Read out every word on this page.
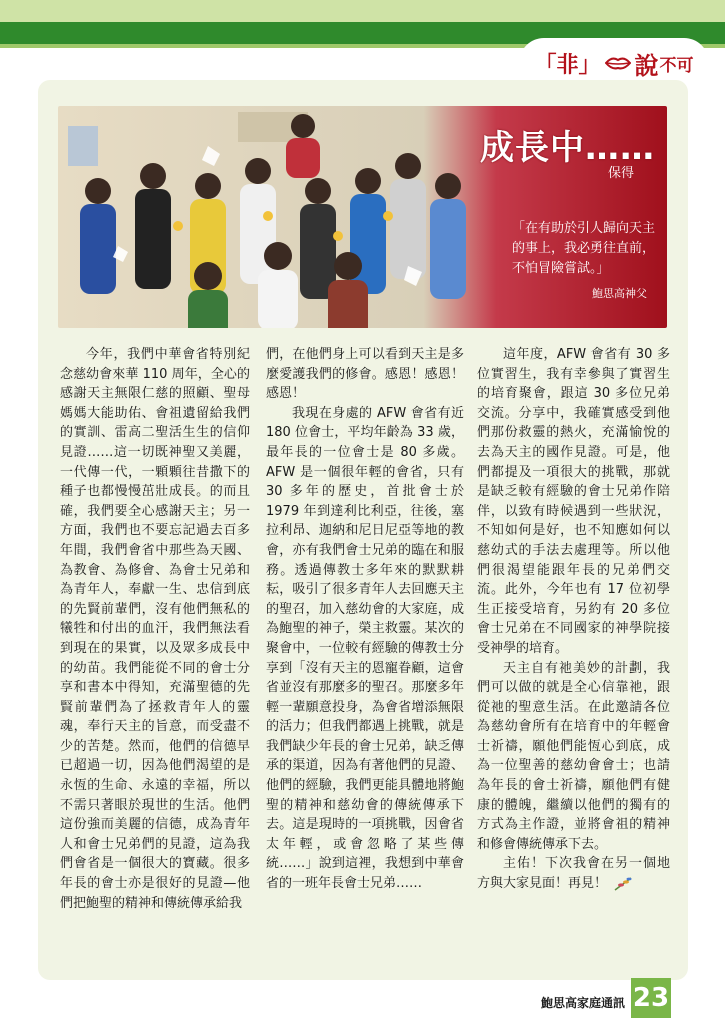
「非」 說 不可
成長中……
保得
「在有助於引人歸向天主的事上，我必勇往直前，不怕冒險嘗試。」
鮑思高神父

今年，我們中華會省特別紀念慈幼會來華 110 周年，全心的感謝天主無限仁慈的照顧、聖母媽媽大能助佑、會祖遺留給我們的實訓、雷高二聖活生生的信仰見證……這一切既神聖又美麗，一代傳一代，一顆顆往昔撒下的種子也都慢慢茁壯成長。的而且確，我們要全心感謝天主；另一方面，我們也不要忘記過去百多年間，我們會省中那些為天國、為教會、為修會、為會士兄弟和為青年人，奉獻一生、忠信到底的先賢前輩們，沒有他們無私的犧牲和付出的血汗，我們無法看到現在的果實，以及眾多成長中的幼苗。我們能從不同的會士分享和書本中得知，充滿聖德的先賢前輩們為了拯救青年人的靈魂，奉行天主的旨意，而受盡不少的苦楚。然而，他們的信德早已超過一切，因為他們渴望的是永恆的生命、永遠的幸福，所以不需只著眼於現世的生活。他們這份強而美麗的信德，成為青年人和會士兄弟們的見證，這為我們會省是一個很大的寶藏。很多年長的會士亦是很好的見證—他們把鮑聖的精神和傳統傳承給我

們，在他們身上可以看到天主是多麼愛護我們的修會。感恩！感恩！感恩！

我現在身處的 AFW 會省有近 180 位會士，平均年齡為 33 歲，最年長的一位會士是 80 多歲。AFW 是一個很年輕的會省，只有 30 多年的歷史，首批會士於 1979 年到達利比利亞，往後，塞拉利昂、迦納和尼日尼亞等地的教會，亦有我們會士兄弟的臨在和服務。透過傳教士多年來的默默耕耘，吸引了很多青年人去回應天主的聖召，加入慈幼會的大家庭，成為鮑聖的神子，榮主救靈。某次的聚會中，一位較有經驗的傳教士分享到「沒有天主的恩寵眷顧，這會省並沒有那麼多的聖召。那麼多年輕一輩願意投身，為會省增添無限的活力；但我們都遇上挑戰，就是我們缺少年長的會士兄弟，缺乏傳承的渠道，因為有著他們的見證、他們的經驗，我們更能具體地將鮑聖的精神和慈幼會的傳統傳承下去。這是現時的一項挑戰，因會省太年輕，或會忽略了某些傳統……」說到這裡，我想到中華會省的一班年長會士兄弟……

這年度，AFW 會省有 30 多位實習生，我有幸參與了實習生的培育聚會，跟這 30 多位兄弟交流。分享中，我確實感受到他們那份救靈的熱火，充滿愉悅的去為天主的國作見證。可是，他們都提及一項很大的挑戰，那就是缺乏較有經驗的會士兄弟作陪伴，以致有時候遇到一些狀況，不知如何是好，也不知應如何以慈幼式的手法去處理等。所以他們很渴望能跟年長的兄弟們交流。此外，今年也有 17 位初學生正接受培育，另約有 20 多位會士兄弟在不同國家的神學院接受神學的培育。

天主自有祂美妙的計劃，我們可以做的就是全心信靠祂，跟從祂的聖意生活。在此邀請各位為慈幼會所有在培育中的年輕會士祈禱，願他們能恆心到底，成為一位聖善的慈幼會會士；也請為年長的會士祈禱，願他們有健康的體魄，繼續以他們的獨有的方式為主作證，並將會祖的精神和修會傳統傳承下去。

主佑！下次我會在另一個地方與大家見面！再見！

鮑思高家庭通訊 23
